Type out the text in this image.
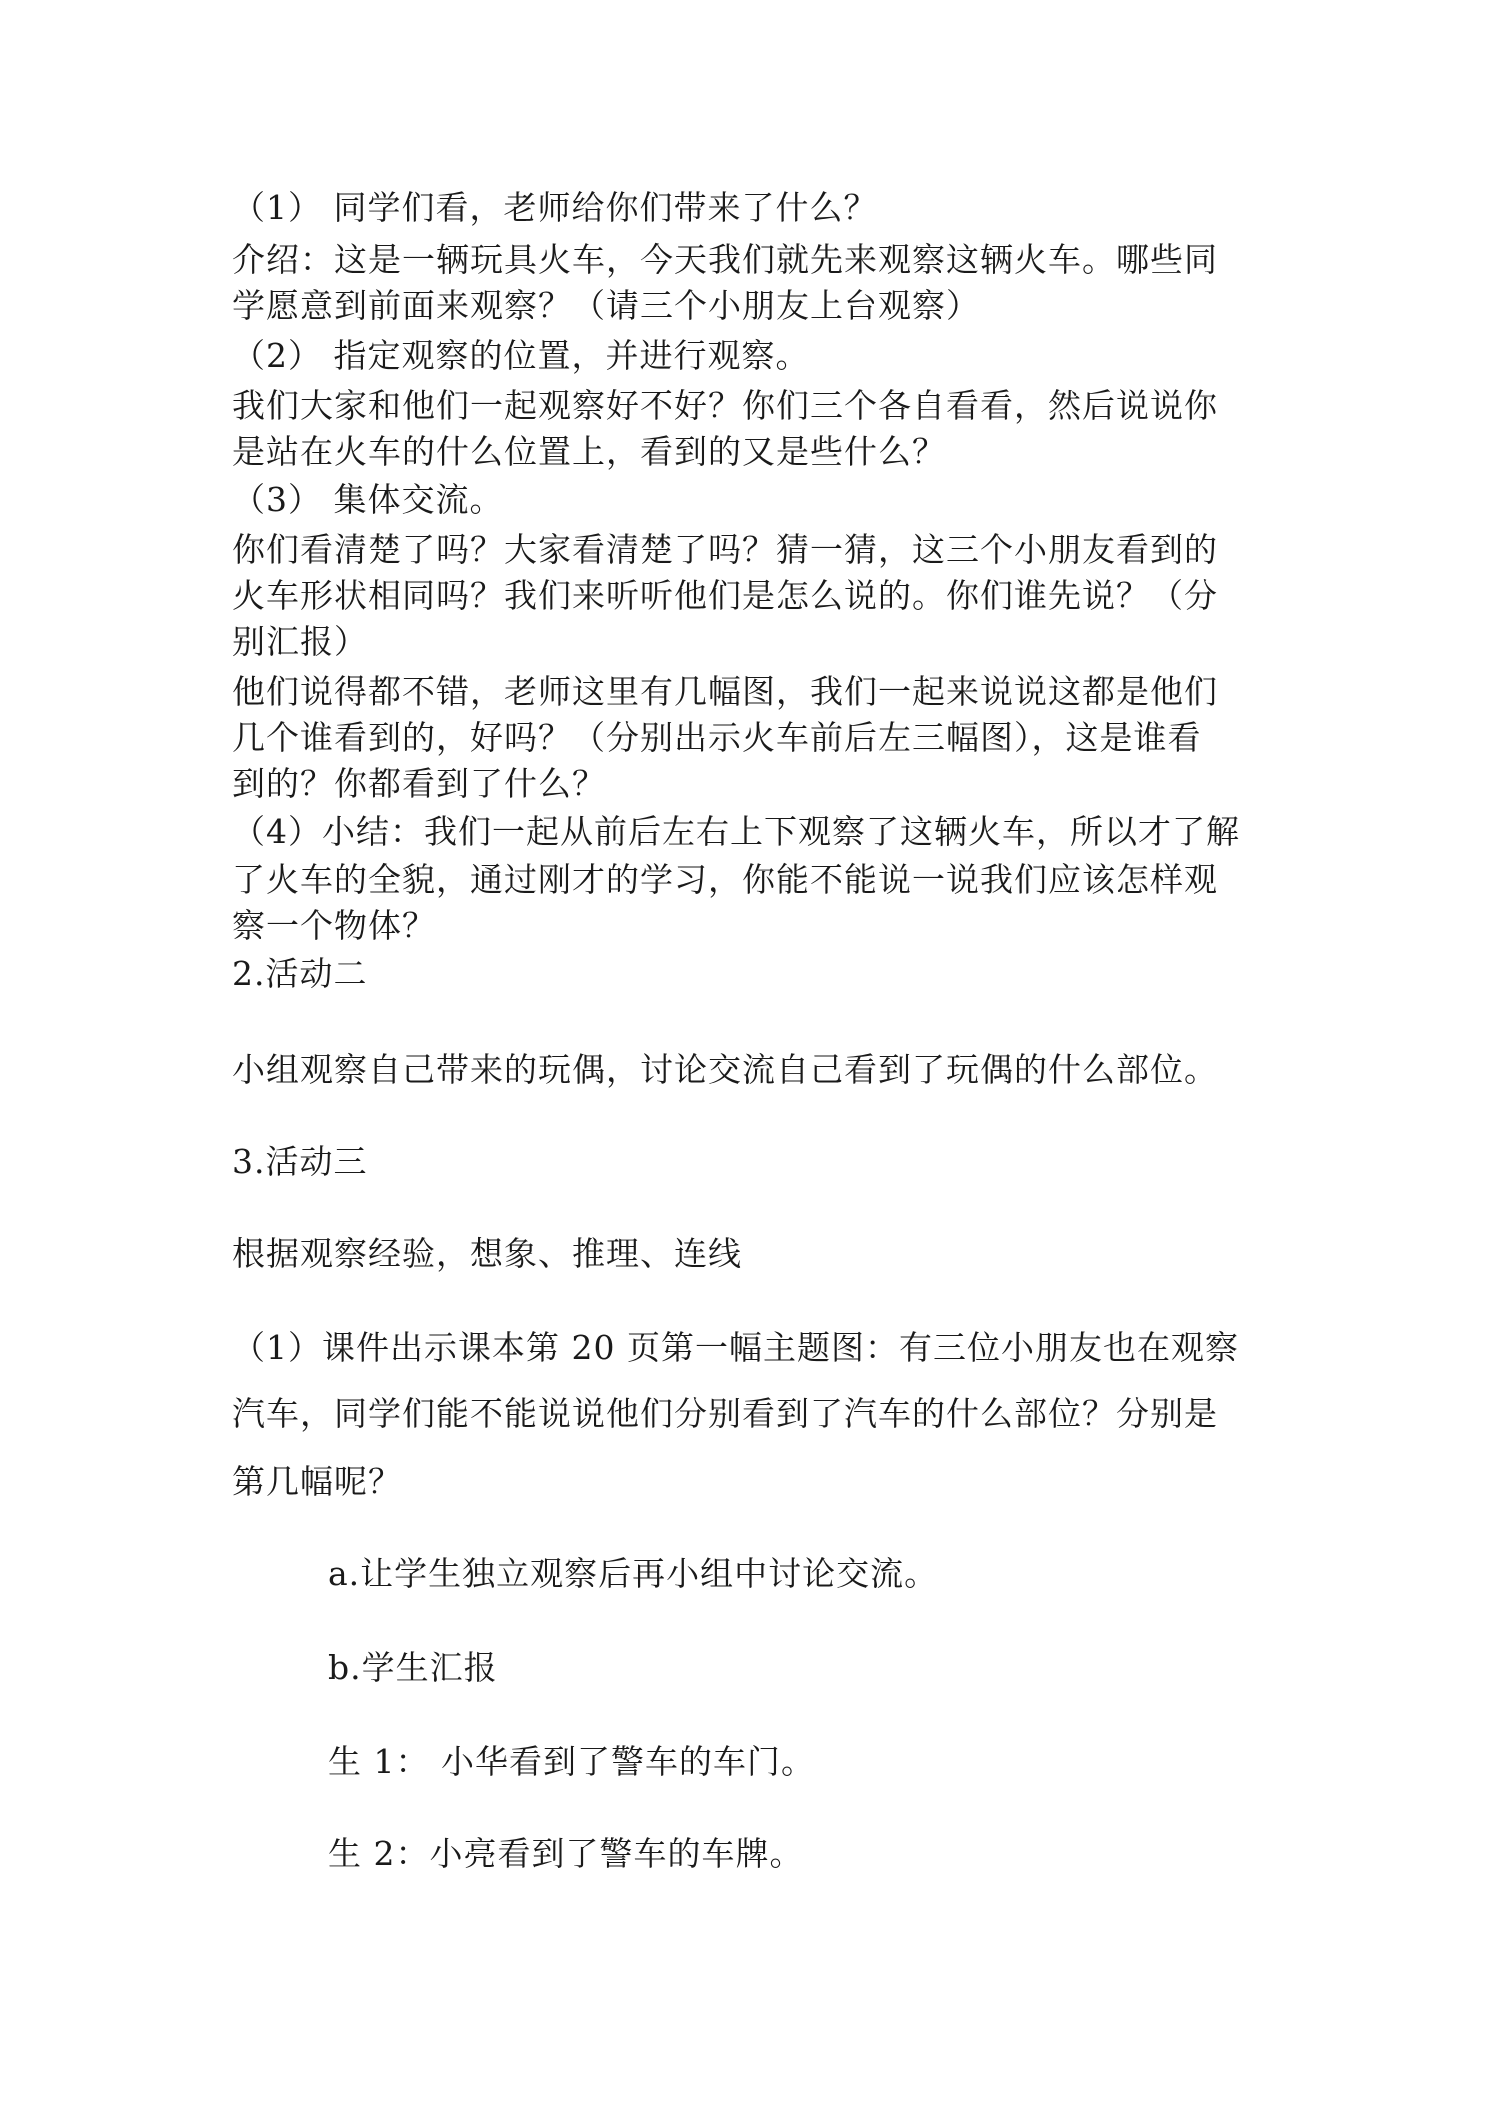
（1） 同学们看，老师给你们带来了什么？
介绍：这是一辆玩具火车，今天我们就先来观察这辆火车。哪些同
学愿意到前面来观察？（请三个小朋友上台观察）
（2） 指定观察的位置，并进行观察。
我们大家和他们一起观察好不好？你们三个各自看看，然后说说你
是站在火车的什么位置上，看到的又是些什么？
（3） 集体交流。
你们看清楚了吗？大家看清楚了吗？猜一猜，这三个小朋友看到的
火车形状相同吗？我们来听听他们是怎么说的。你们谁先说？（分
别汇报）
他们说得都不错，老师这里有几幅图，我们一起来说说这都是他们
几个谁看到的，好吗？（分别出示火车前后左三幅图），这是谁看
到的？你都看到了什么？
（4）小结：我们一起从前后左右上下观察了这辆火车，所以才了解
了火车的全貌，通过刚才的学习，你能不能说一说我们应该怎样观
察一个物体？
2.活动二
小组观察自己带来的玩偶，讨论交流自己看到了玩偶的什么部位。
3.活动三
根据观察经验，想象、推理、连线
（1）课件出示课本第 20 页第一幅主题图：有三位小朋友也在观察
汽车，同学们能不能说说他们分别看到了汽车的什么部位？分别是
第几幅呢？
a.让学生独立观察后再小组中讨论交流。
b.学生汇报
生 1： 小华看到了警车的车门。
生 2：小亮看到了警车的车牌。
